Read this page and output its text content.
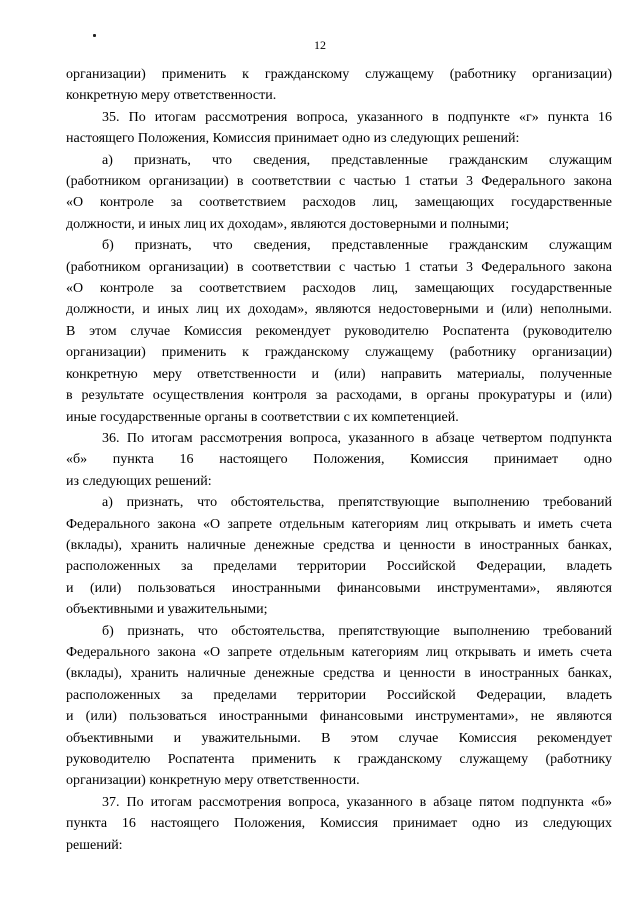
12

организации) применить к гражданскому служащему (работнику организации)
конкретную меру ответственности.

35. По итогам рассмотрения вопроса, указанного в подпункте «г» пункта 16
настоящего Положения, Комиссия принимает одно из следующих решений:

а) признать, что сведения, представленные гражданским служащим
(работником организации) в соответствии с частью 1 статьи 3 Федерального закона
«О контроле за соответствием расходов лиц, замещающих государственные
должности, и иных лиц их доходам», являются достоверными и полными;

б) признать, что сведения, представленные гражданским служащим
(работником организации) в соответствии с частью 1 статьи 3 Федерального закона
«О контроле за соответствием расходов лиц, замещающих государственные
должности, и иных лиц их доходам», являются недостоверными и (или) неполными.
В этом случае Комиссия рекомендует руководителю Роспатента (руководителю
организации) применить к гражданскому служащему (работнику организации)
конкретную меру ответственности и (или) направить материалы, полученные
в результате осуществления контроля за расходами, в органы прокуратуры и (или)
иные государственные органы в соответствии с их компетенцией.

36. По итогам рассмотрения вопроса, указанного в абзаце четвертом подпункта
«б» пункта 16 настоящего Положения, Комиссия принимает одно
из следующих решений:

а) признать, что обстоятельства, препятствующие выполнению требований
Федерального закона «О запрете отдельным категориям лиц открывать и иметь счета
(вклады), хранить наличные денежные средства и ценности в иностранных банках,
расположенных за пределами территории Российской Федерации, владеть
и (или) пользоваться иностранными финансовыми инструментами», являются
объективными и уважительными;

б) признать, что обстоятельства, препятствующие выполнению требований
Федерального закона «О запрете отдельным категориям лиц открывать и иметь счета
(вклады), хранить наличные денежные средства и ценности в иностранных банках,
расположенных за пределами территории Российской Федерации, владеть
и (или) пользоваться иностранными финансовыми инструментами», не являются
объективными и уважительными. В этом случае Комиссия рекомендует
руководителю Роспатента применить к гражданскому служащему (работнику
организации) конкретную меру ответственности.

37. По итогам рассмотрения вопроса, указанного в абзаце пятом подпункта «б»
пункта 16 настоящего Положения, Комиссия принимает одно из следующих
решений:
